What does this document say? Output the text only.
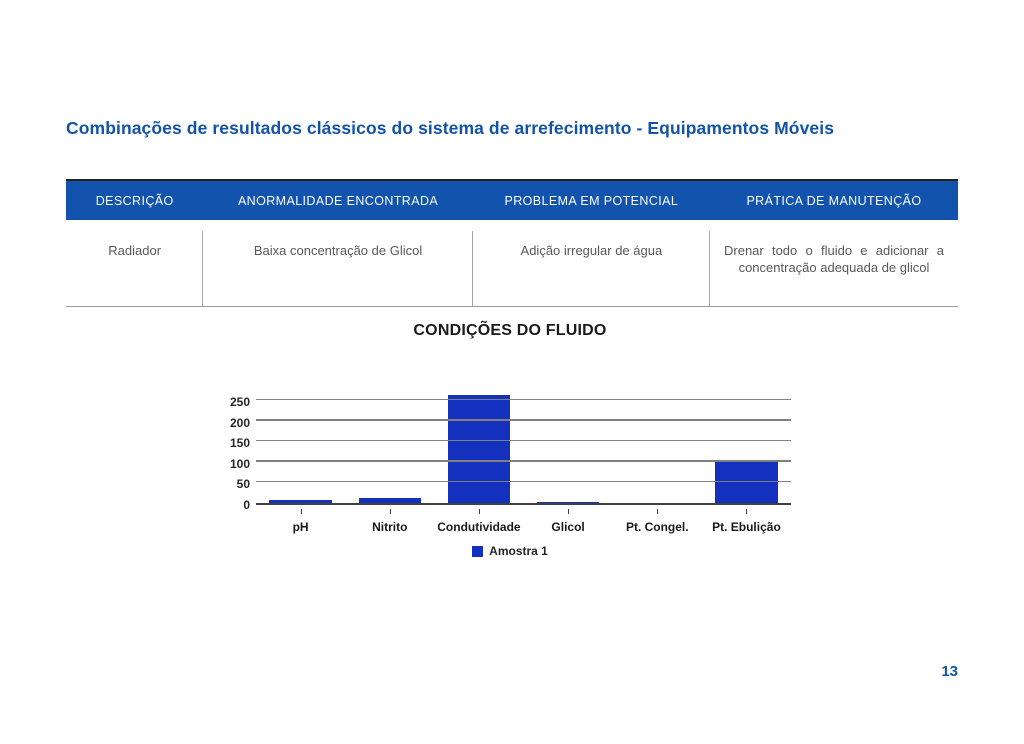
Combinações de resultados clássicos do sistema de arrefecimento - Equipamentos Móveis
DESCRIÇÃO	ANORMALIDADE ENCONTRADA	PROBLEMA EM POTENCIAL	PRÁTICA DE MANUTENÇÃO
Radiador	Baixa concentração de Glicol	Adição irregular de água	Drenar todo o fluido e adicionar a concentração adequada de glicol
CONDIÇÕES DO FLUIDO
0
50
100
150
200
250
pH	Nitrito	Condutividade	Glicol	Pt. Congel.	Pt. Ebulição
Amostra 1
13
